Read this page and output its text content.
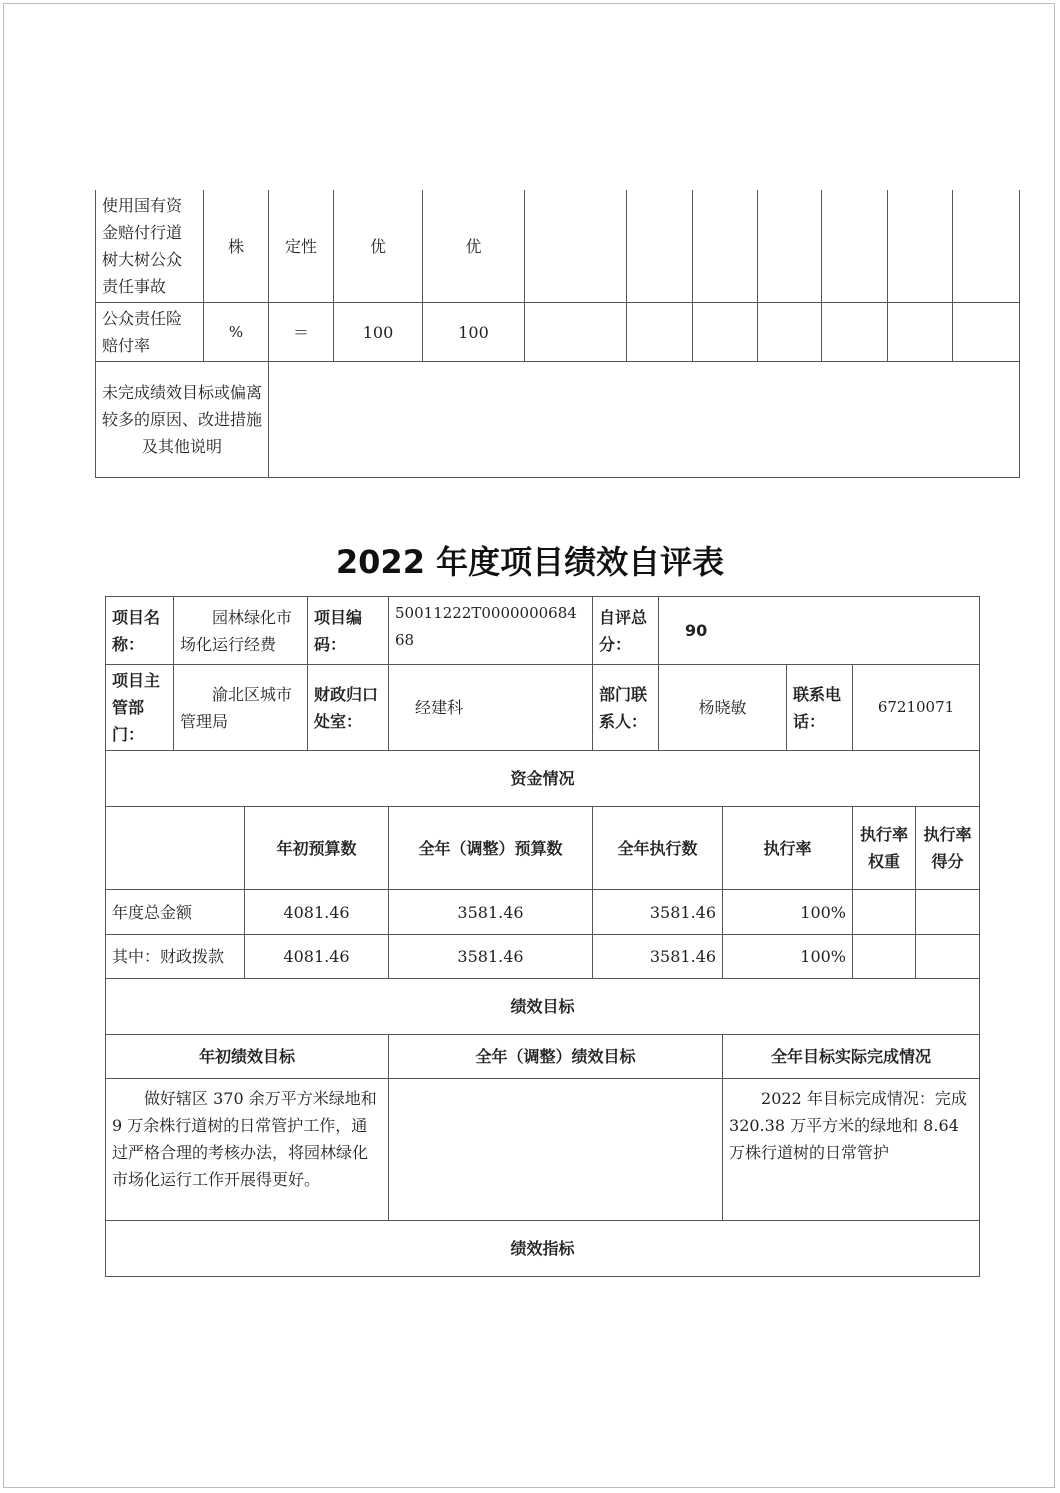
使用国有资金赔付行道树大树公众责任事故	株	定性	优	优							
公众责任险赔付率	%	＝	100	100							
未完成绩效目标或偏离较多的原因、改进措施及其他说明											
2022 年度项目绩效自评表
项目名称：	园林绿化市场化运行经费		项目编码：	50011222T000000068468	自评总分：	90				
项目主管部门：	渝北区城市管理局		财政归口处室：	经建科	部门联系人：	杨晓敏		联系电话：	67210071	
资金情况										
		年初预算数		全年（调整）预算数	全年执行数		执行率		执行率权重	执行率得分
年度总金额		4081.46		3581.46	3581.46		100%			
其中：财政拨款		4081.46		3581.46	3581.46		100%			
绩效目标										
年初绩效目标				全年（调整）绩效目标			全年目标实际完成情况			
做好辖区 370 余万平方米绿地和 9 万余株行道树的日常管护工作，通过严格合理的考核办法，将园林绿化市场化运行工作开展得更好。							2022 年目标完成情况：完成 320.38 万平方米的绿地和 8.64 万株行道树的日常管护			
绩效指标										
